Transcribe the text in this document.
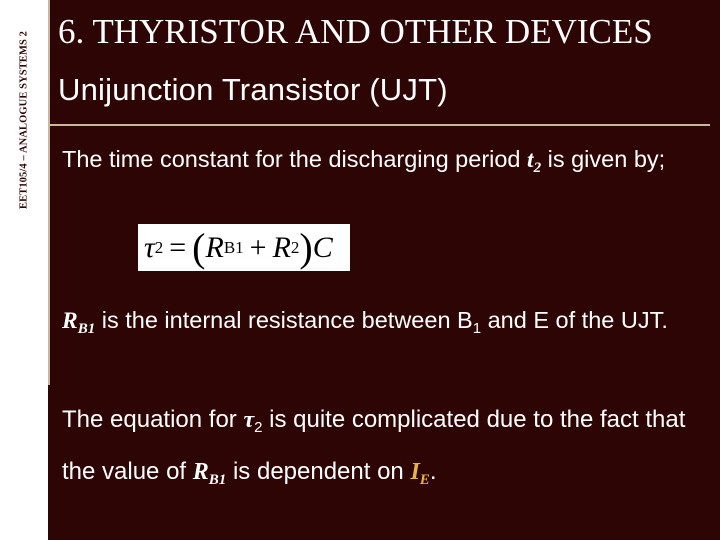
EET105/4 – ANALOGUE SYSTEMS 2 6. THYRISTOR AND OTHER DEVICES
Unijunction Transistor (UJT)
The time constant for the discharging period $t_2$ is given by;
τ 2 = ( R B1 + R 2 ) C
$R_{B1}$ is the internal resistance between $B_1$ and E of the UJT.
The equation for $\tau_2$ is quite complicated due to the fact that the value of $R_{B1}$ is dependent on $I_E$.
